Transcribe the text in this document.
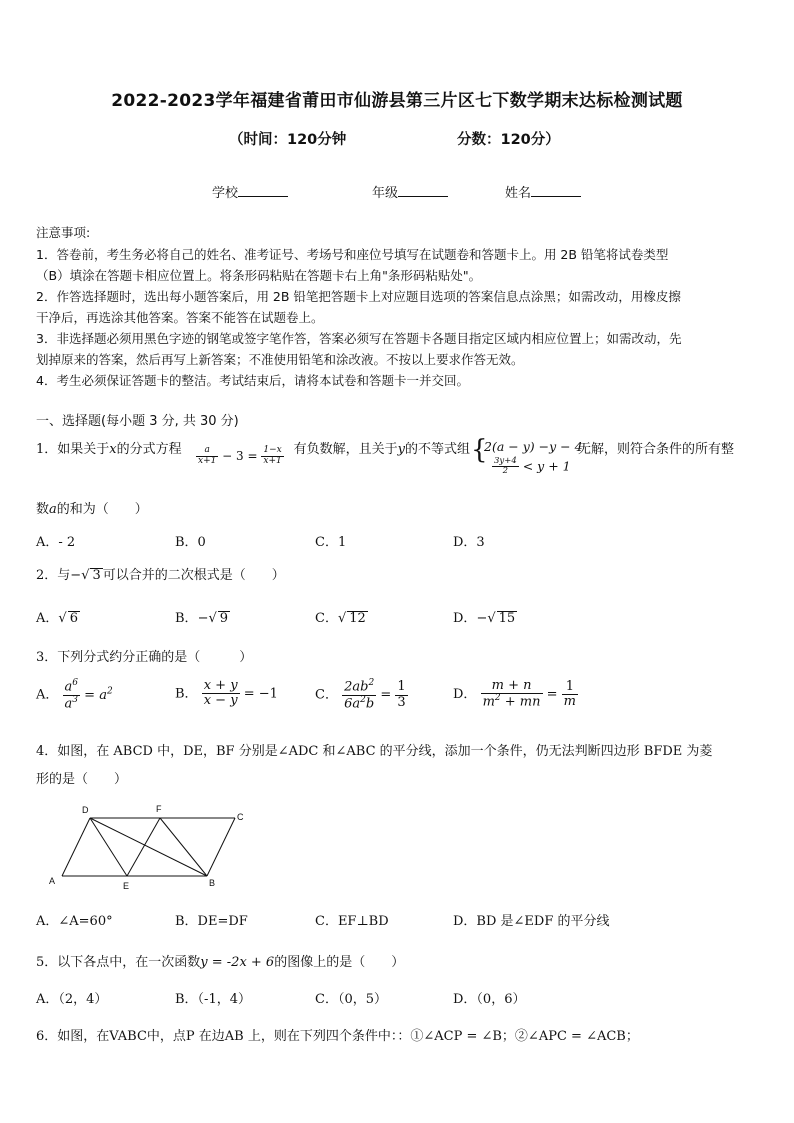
2022-2023学年福建省莆田市仙游县第三片区七下数学期末达标检测试题
（时间：120分钟	分数：120分）
学校	年级	姓名
注意事项:
1．答卷前，考生务必将自己的姓名、准考证号、考场号和座位号填写在试题卷和答题卡上。用 2B 铅笔将试卷类型
（B）填涂在答题卡相应位置上。将条形码粘贴在答题卡右上角"条形码粘贴处"。
2．作答选择题时，选出每小题答案后，用 2B 铅笔把答题卡上对应题目选项的答案信息点涂黑；如需改动，用橡皮擦
干净后，再选涂其他答案。答案不能答在试题卷上。
3．非选择题必须用黑色字迹的钢笔或签字笔作答，答案必须写在答题卡各题目指定区域内相应位置上；如需改动，先
划掉原来的答案，然后再写上新答案；不准使用铅笔和涂改液。不按以上要求作答无效。
4．考生必须保证答题卡的整洁。考试结束后，请将本试卷和答题卡一并交回。
一、选择题(每小题 3 分, 共 30 分)
1．如果关于x的分式方程	有负数解，且关于y的不等式组	无解，则符合条件的所有整
$\frac{a}{x+1} - 3 = \frac{1-x}{x+1}$	{
2(a − y) −y − 4
$\frac{3y+4}{2} < y + 1$
数a的和为（　　）
A．- 2	B．0	C．1	D．3
2．与−√ 3 可以合并的二次根式是（　　）
A．√ 6	B．−√ 9	C．√ 12	D．−√ 15
3．下列分式约分正确的是（　　　）
A． $\frac{a^6}{a^3} = a^2$	B． $\frac{x + y}{x - y} = -1$	C． $\frac{2ab^2}{6a^2b} = \frac{1}{3}$	D． $\frac{m + n}{m^2 + mn} = \frac{1}{m}$
4．如图，在 ABCD 中，DE，BF 分别是∠ADC 和∠ABC 的平分线，添加一个条件，仍无法判断四边形 BFDE 为菱
形的是（　　）
D	F
C
A	E	B
A．∠A=60°	B．DE=DF	C．EF⊥BD	D．BD 是∠EDF 的平分线
5．以下各点中，在一次函数y = -2x + 6的图像上的是（　　）
A．（2，4）	B．（-1，4）	C．（0，5）	D．（0，6）
6．如图，在VABC中，点P 在边AB 上，则在下列四个条件中：：①∠ACP = ∠B；②∠APC = ∠ACB；
